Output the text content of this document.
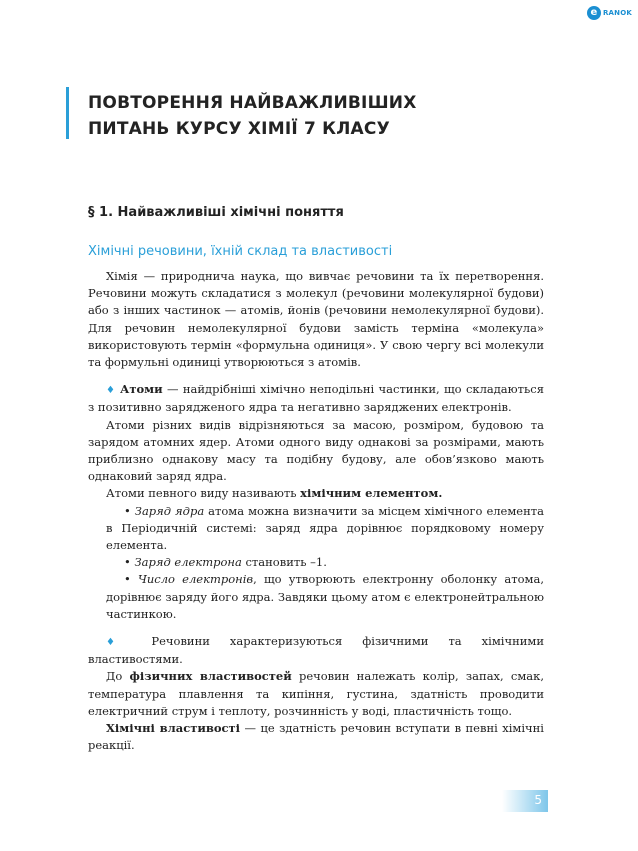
e RANOK
ПОВТОРЕННЯ НАЙВАЖЛИВІШИХ
ПИТАНЬ КУРСУ ХІМІЇ 7 КЛАСУ
§ 1. Найважливіші хімічні поняття
Хімічні речовини, їхній склад та властивості

Хімія — природнича наука, що вивчає речовини та їх перетворення. Речовини можуть складатися з молекул (речовини молекулярної будови) або з інших частинок — атомів, йонів (речовини немолекулярної будови). Для речовин немолекулярної будови замість терміна «молекула» використовують термін «формульна одиниця». У свою чергу всі молекули та формульні одиниці утворюються з атомів.

♦ Атоми — найдрібніші хімічно неподільні частинки, що складаються з позитивно зарядженого ядра та негативно заряджених електронів.

Атоми різних видів відрізняються за масою, розміром, будовою та зарядом атомних ядер. Атоми одного виду однакові за розмірами, мають приблизно однакову масу та подібну будову, але обов’язково мають однаковий заряд ядра.

Атоми певного виду називають хімічним елементом.

• Заряд ядра атома можна визначити за місцем хімічного елемента в Періодичній системі: заряд ядра дорівнює порядковому номеру елемента.

• Заряд електрона становить –1.

• Число електронів, що утворюють електронну оболонку атома, дорівнює заряду його ядра. Завдяки цьому атом є електронейтральною частинкою.

♦ Речовини характеризуються фізичними та хімічними властивостями.

До фізичних властивостей речовин належать колір, запах, смак, температура плавлення та кипіння, густина, здатність проводити електричний струм і теплоту, розчинність у воді, пластичність тощо.

Хімічні властивості — це здатність речовин вступати в певні хімічні реакції.

5
